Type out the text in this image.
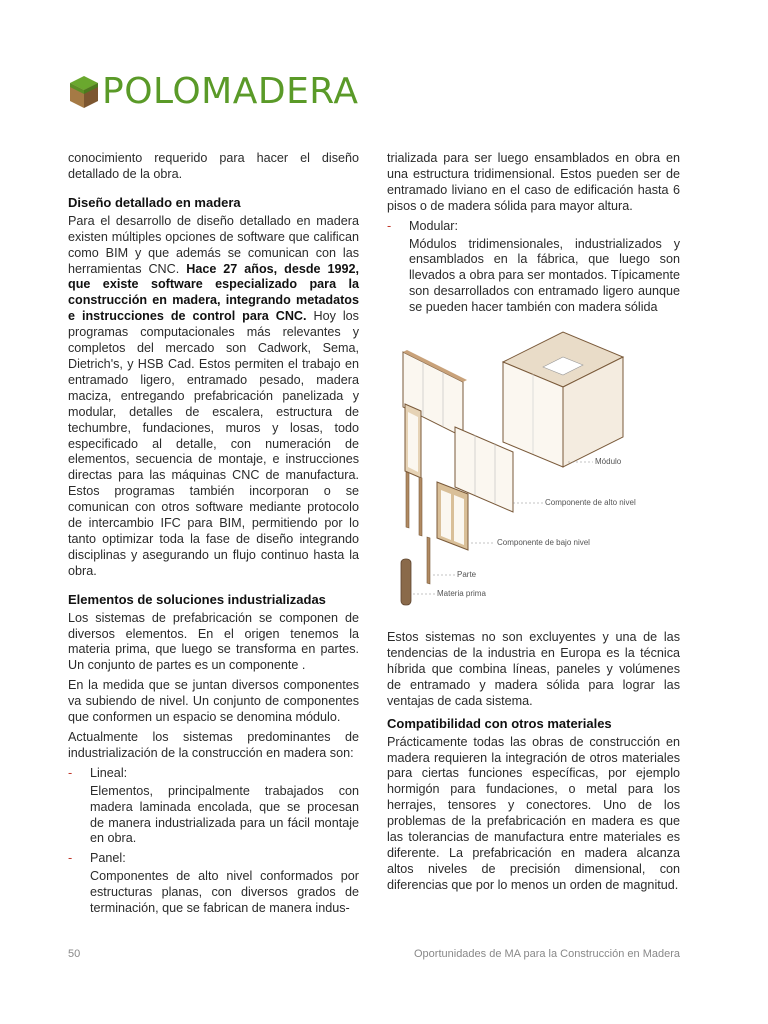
POLOMADERA

conocimiento requerido para hacer el diseño detallado de la obra.

Diseño detallado en madera

Para el desarrollo de diseño detallado en madera existen múltiples opciones de software que califican como BIM y que además se comunican con las herramientas CNC. Hace 27 años, desde 1992, que existe software especializado para la construcción en madera, integrando metadatos e instrucciones de control para CNC. Hoy los programas computacionales más relevantes y completos del mercado son Cadwork, Sema, Dietrich's, y HSB Cad. Estos permiten el trabajo en entramado ligero, entramado pesado, madera maciza, entregando prefabricación panelizada y modular, detalles de escalera, estructura de techumbre, fundaciones, muros y losas, todo especificado al detalle, con numeración de elementos, secuencia de montaje, e instrucciones directas para las máquinas CNC de manufactura. Estos programas también incorporan o se comunican con otros software mediante protocolo de intercambio IFC para BIM, permitiendo por lo tanto optimizar toda la fase de diseño integrando disciplinas y asegurando un flujo continuo hasta la obra.

Elementos de soluciones industrializadas

Los sistemas de prefabricación se componen de diversos elementos. En el origen tenemos la materia prima, que luego se transforma en partes. Un conjunto de partes es un componente .

En la medida que se juntan diversos componentes va subiendo de nivel. Un conjunto de componentes que conformen un espacio se denomina módulo.

Actualmente los sistemas predominantes de industrialización de la construcción en madera son:

-	Lineal:

Elementos, principalmente trabajados con madera laminada encolada, que se procesan de manera industrializada para un fácil montaje en obra.

-	Panel:

Componentes de alto nivel conformados por estructuras planas, con diversos grados de terminación, que se fabrican de manera indus-

trializada para ser luego ensamblados en obra en una estructura tridimensional. Estos pueden ser de entramado liviano en el caso de edificación hasta 6 pisos o de madera sólida para mayor altura.

-	Modular:

Módulos tridimensionales, industrializados y ensamblados en la fábrica, que luego son llevados a obra para ser montados. Típicamente son desarrollados con entramado ligero aunque se pueden hacer también con madera sólida

Módulo
Componente de alto nivel
Componente de bajo nivel
Parte
Materia prima

Estos sistemas no son excluyentes y una de las tendencias de la industria en Europa es la técnica híbrida que combina líneas, paneles y volúmenes de entramado y madera sólida para lograr las ventajas de cada sistema.

Compatibilidad con otros materiales

Prácticamente todas las obras de construcción en madera requieren la integración de otros materiales para ciertas funciones específicas, por ejemplo hormigón para fundaciones, o metal para los herrajes, tensores y conectores. Uno de los problemas de la prefabricación en madera es que las tolerancias de manufactura entre materiales es diferente. La prefabricación en madera alcanza altos niveles de precisión dimensional, con diferencias que por lo menos un orden de magnitud.

50	Oportunidades de MA para la Construcción en Madera
